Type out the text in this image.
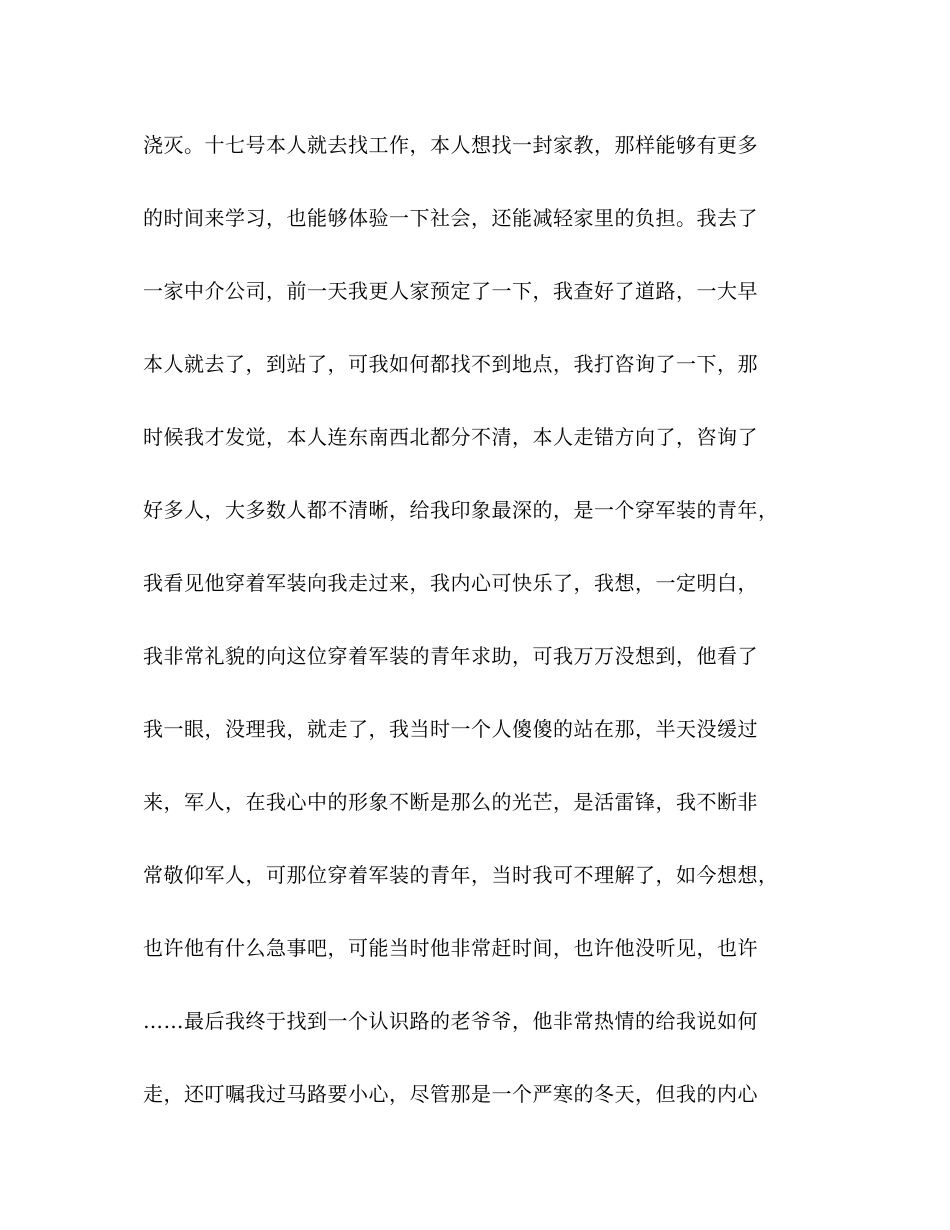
浇灭。十七号本人就去找工作，本人想找一封家教，那样能够有更多
的时间来学习，也能够体验一下社会，还能减轻家里的负担。我去了
一家中介公司，前一天我更人家预定了一下，我查好了道路，一大早
本人就去了，到站了，可我如何都找不到地点，我打咨询了一下，那
时候我才发觉，本人连东南西北都分不清，本人走错方向了，咨询了
好多人，大多数人都不清晰，给我印象最深的，是一个穿军装的青年，
我看见他穿着军装向我走过来，我内心可快乐了，我想，一定明白，
我非常礼貌的向这位穿着军装的青年求助，可我万万没想到，他看了
我一眼，没理我，就走了，我当时一个人傻傻的站在那，半天没缓过
来，军人，在我心中的形象不断是那么的光芒，是活雷锋，我不断非
常敬仰军人，可那位穿着军装的青年，当时我可不理解了，如今想想，
也许他有什么急事吧，可能当时他非常赶时间，也许他没听见，也许
……最后我终于找到一个认识路的老爷爷，他非常热情的给我说如何
走，还叮嘱我过马路要小心，尽管那是一个严寒的冬天，但我的内心
